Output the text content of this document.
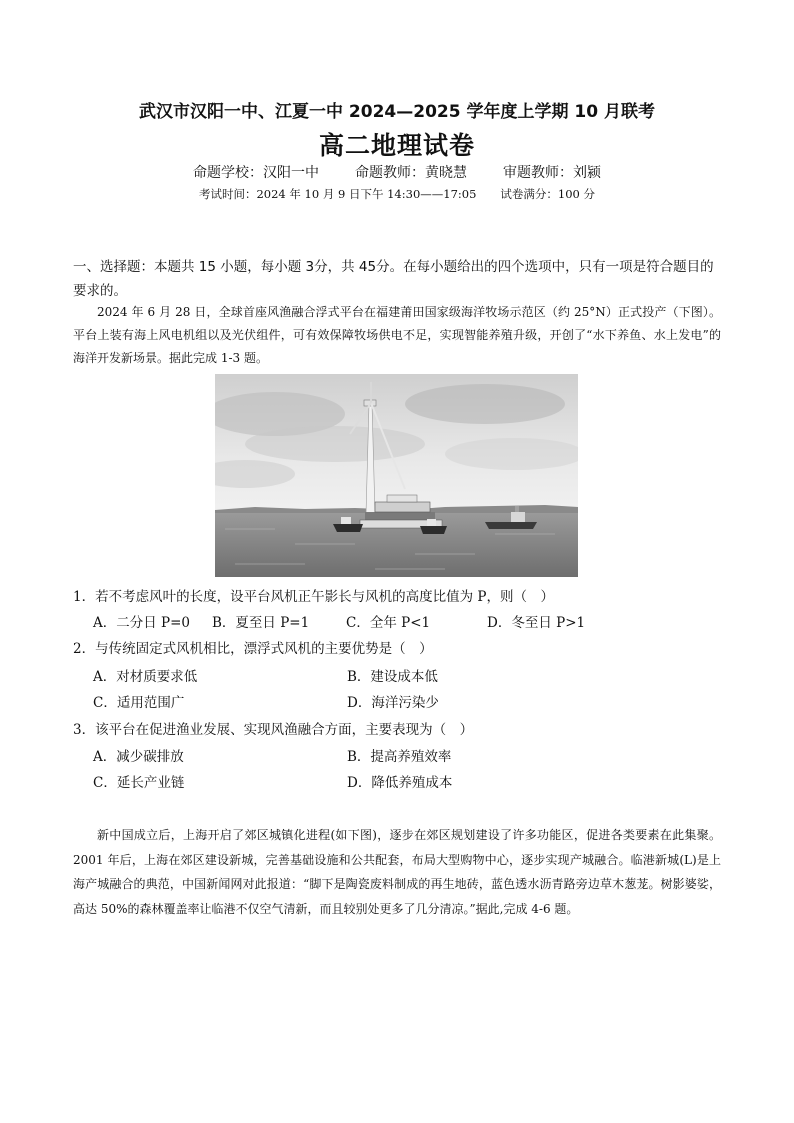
武汉市汉阳一中、江夏一中 2024—2025 学年度上学期 10 月联考
高二地理试卷
命题学校：汉阳一中	命题教师：黄晓慧	审题教师：刘颍
考试时间：2024 年 10 月 9 日下午 14:30——17:05 试卷满分：100 分
一、选择题：本题共 15 小题，每小题 3分，共 45分。在每小题给出的四个选项中，只有一项是符合题目的要求的。
2024 年 6 月 28 日，全球首座风渔融合浮式平台在福建莆田国家级海洋牧场示范区（约 25°N）正式投产（下图）。平台上装有海上风电机组以及光伏组件，可有效保障牧场供电不足，实现智能养殖升级，开创了“水下养鱼、水上发电”的海洋开发新场景。据此完成 1-3 题。
1．若不考虑风叶的长度，设平台风机正午影长与风机的高度比值为 P，则（　）
A．二分日 P=0 B．夏至日 P=1	C．全年 P<1	D．冬至日 P>1
2．与传统固定式风机相比，漂浮式风机的主要优势是（　）
A．对材质要求低	B．建设成本低
C．适用范围广	D．海洋污染少
3．该平台在促进渔业发展、实现风渔融合方面，主要表现为（　）
A．减少碳排放	B．提高养殖效率
C．延长产业链	D．降低养殖成本
新中国成立后，上海开启了郊区城镇化进程(如下图)，逐步在郊区规划建设了许多功能区，促进各类要素在此集聚。2001 年后，上海在郊区建设新城，完善基础设施和公共配套，布局大型购物中心，逐步实现产城融合。临港新城(L)是上海产城融合的典范，中国新闻网对此报道：“脚下是陶瓷废料制成的再生地砖，蓝色透水沥青路旁边草木葱茏。树影婆娑，高达 50%的森林覆盖率让临港不仅空气清新，而且较别处更多了几分清凉。”据此,完成 4-6 题。
